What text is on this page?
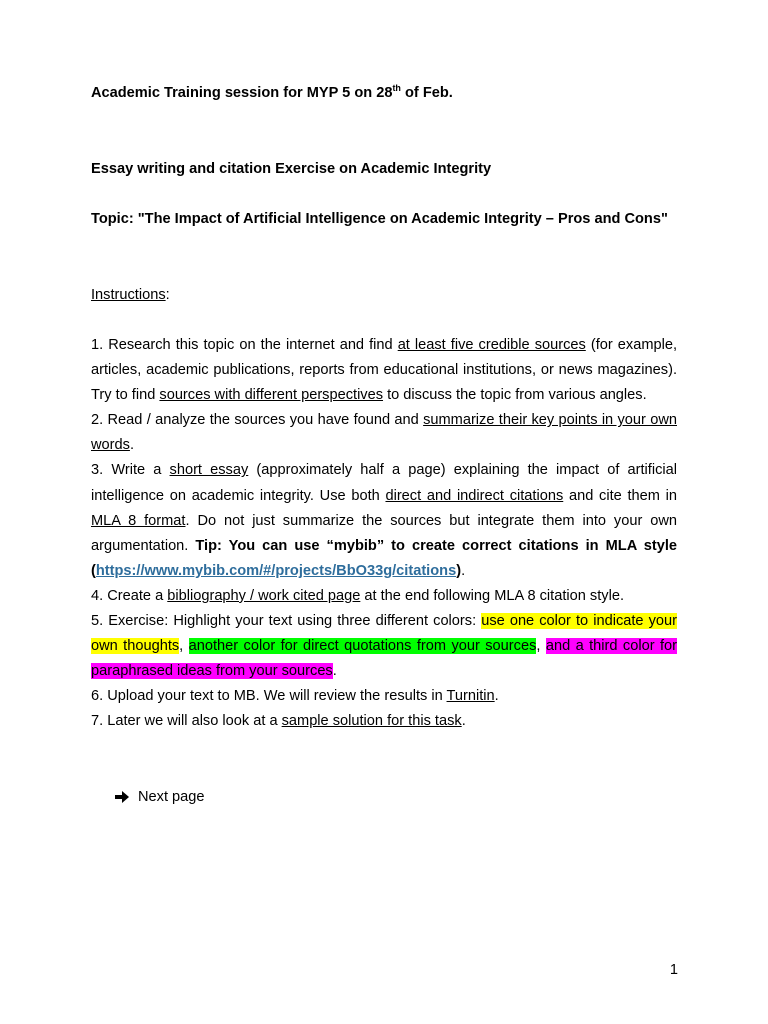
Academic Training session for MYP 5 on 28th of Feb.

Essay writing and citation Exercise on Academic Integrity

Topic: "The Impact of Artificial Intelligence on Academic Integrity – Pros and Cons"

Instructions:

1. Research this topic on the internet and find at least five credible sources (for example, articles, academic publications, reports from educational institutions, or news magazines). Try to find sources with different perspectives to discuss the topic from various angles.
2. Read / analyze the sources you have found and summarize their key points in your own words.
3. Write a short essay (approximately half a page) explaining the impact of artificial intelligence on academic integrity. Use both direct and indirect citations and cite them in MLA 8 format. Do not just summarize the sources but integrate them into your own argumentation. Tip: You can use “mybib” to create correct citations in MLA style (https://www.mybib.com/#/projects/BbO33g/citations).
4. Create a bibliography / work cited page at the end following MLA 8 citation style.
5. Exercise: Highlight your text using three different colors: use one color to indicate your own thoughts, another color for direct quotations from your sources, and a third color for paraphrased ideas from your sources.
6. Upload your text to MB. We will review the results in Turnitin.
7. Later we will also look at a sample solution for this task.
Next page
1
